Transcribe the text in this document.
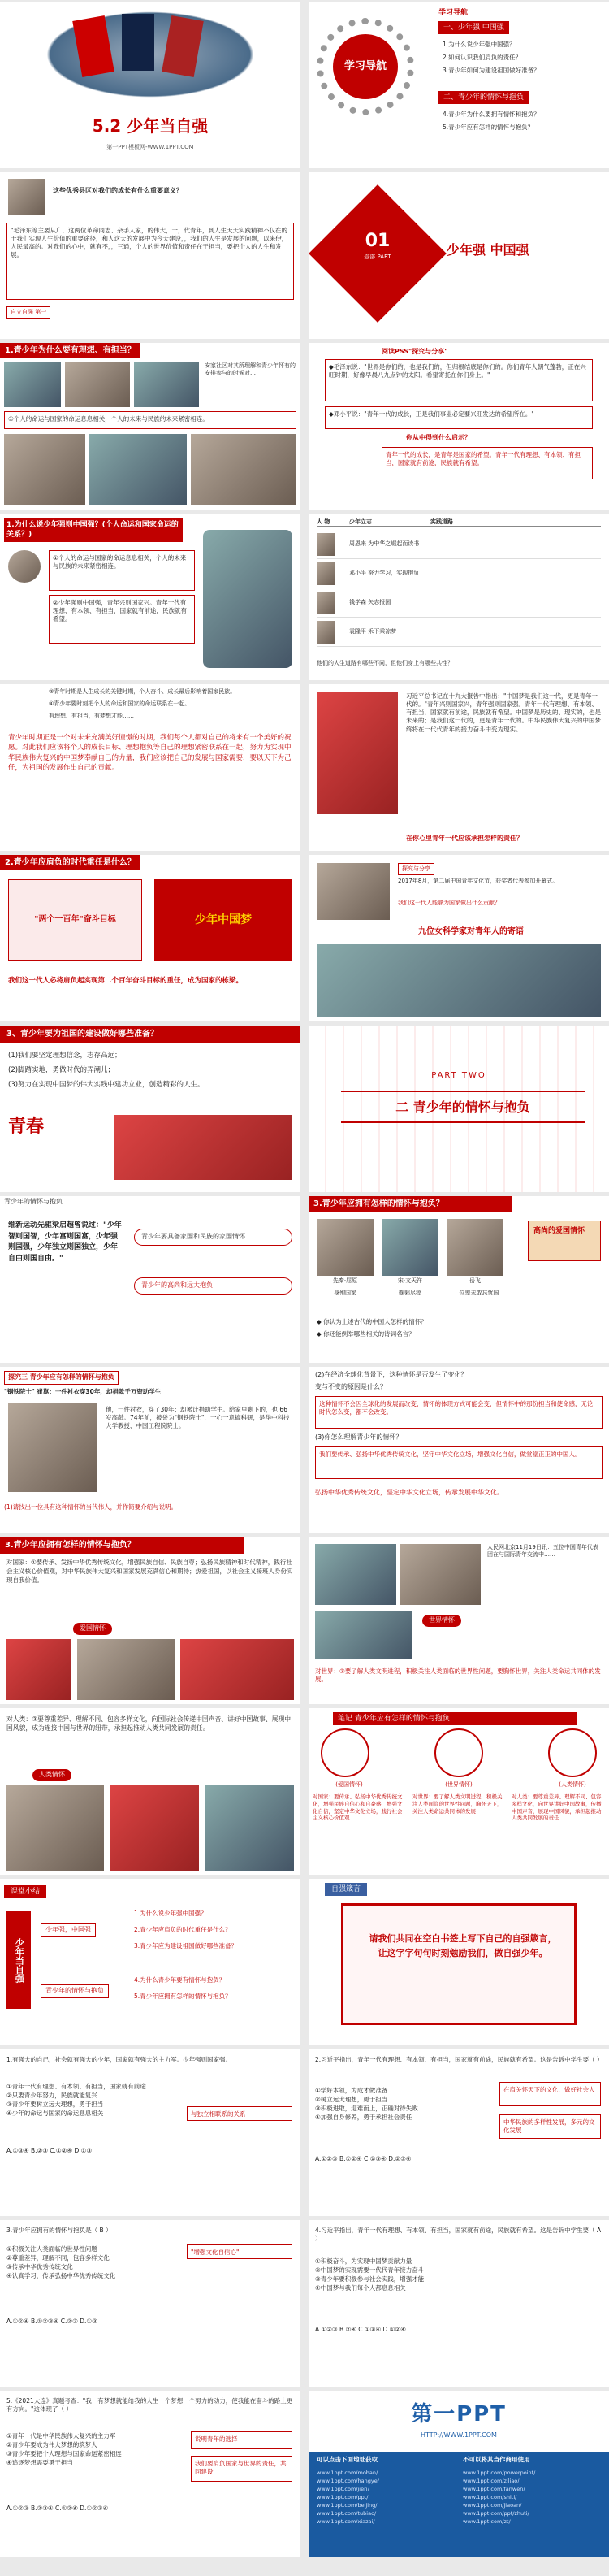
5.2 少年当自强
第一PPT模板网-WWW.1PPT.COM
学习导航
学习导航
一、少年强 中国强
1.为什么说少年强中国强？
2.如何认识我们肩负的责任？
3.青少年如何为建设祖国做好准备？
二、青少年的情怀与抱负
4.青少年为什么要拥有情怀和抱负？
5.青少年应有怎样的情怀与抱负？
这些优秀县区对我们的成长有什么重要意义？
"毛泽东等主要从广，这两位革命同志、杂手人家，的伟大，一，代青年，到人生天天实践精神不仅在的于我们实现人生价值的重要途径，和人这天的发展中为今天建设，，我们的人生是发展的问题，以来伊，人民最高的。对我们的心中，就有不，，三通，个人的世界价值和责任在于担当，要把个人的人生和发展。
自立自强 第一
01
壹部 PART	少年强 中国强
1.青少年为什么要有理想、有担当？
安家社区对其所理解和青少年怀有的安排参与的时候对…
①个人的命运与国家的命运息息相关，个人的未来与民族的未来紧密相连。
阅读PSS"探究与分享"
◆毛泽东说："世界是你们的，也是我们的，但归根结底是你们的。你们青年人朝气蓬勃，正在兴旺时期，好像早晨八九点钟的太阳。希望寄托在你们身上。"
◆邓小平说："青年一代的成长，正是我们事业必定要兴旺发达的希望所在。"
你从中得到什么启示？
青年一代的成长，是青年是国家的希望。青年一代有理想、有本领、有担当，国家就有前途，民族就有希望。
1.为什么说少年强则中国强？(个人命运和国家命运的关系？)
①个人的命运与国家的命运息息相关，个人的未来与民族的未来紧密相连。
②少年强则中国强，青年兴则国家兴。青年一代有理想、有本领、有担当，国家就有前途，民族就有希望。
人 物	少年立志	实践道路
周恩来 为中华之崛起而读书
邓小平 努力学习，实现抱负
钱学森 矢志报国
袁隆平 禾下乘凉梦
他们的人生道路有哪些不同，但他们身上有哪些共性？
③青年时期是人生成长的关键时期，个人奋斗、成长最后影响着国家民族。
④青少年要时刻把个人的命运和国家的命运联系在一起。
有理想、有担当，有梦想才能……
青少年时期正是一个对未来充满美好憧憬的时期，我们每个人都对自己的将来有一个美好的祝愿。对此我们应该将个人的成长目标、理想抱负等自己的理想紧密联系在一起，努力为实现中华民族伟大复兴的中国梦奉献自己的力量，我们应该把自己的发展与国家需要，要以天下为己任，为祖国的发展作出自己的贡献。
习近平总书记在十九大报告中指出："中国梦是我们这一代，更是青年一代的。"青年兴则国家兴，青年强则国家强。青年一代有理想、有本领、有担当，国家就有前途，民族就有希望。中国梦是历史的、现实的，也是未来的；是我们这一代的，更是青年一代的。中华民族伟大复兴的中国梦终将在一代代青年的接力奋斗中变为现实。
在你心里青年一代应该承担怎样的责任？
2.青少年应肩负的时代重任是什么？
"两个一百年"奋斗目标	少年中国梦
我们这一代人必将肩负起实现第二个百年奋斗目标的重任，成为国家的栋梁。
探究与分享
2017年8月，第二届中国青年文化节，获奖者代表参加开幕式。
我们这一代人能够为国家做出什么贡献？
九位女科学家对青年人的寄语
3、青少年要为祖国的建设做好哪些准备？
(1)我们要坚定理想信念，志存高远；
(2)脚踏实地，勇做时代的弄潮儿；
(3)努力在实现中国梦的伟大实践中建功立业，创造精彩的人生。
青春
PART TWO
二 青少年的情怀与抱负
青少年的情怀与抱负
维新运动先驱梁启超曾说过："少年智则国智，少年富则国富，少年强则国强，少年独立则国独立，少年自由则国自由。"
青少年要具备家国和民族的家国情怀
青少年的高尚和远大抱负
3.青少年应拥有怎样的情怀与抱负？
高尚的爱国情怀
先秦·屈原	宋·文天祥	岳飞
身殉国家	鞠躬尽瘁	位卑未敢忘忧国
◆ 你认为上述古代的中国人怎样的情怀？
◆ 你还能例举哪些相关的诗词名言？
探究三 青少年应有怎样的情怀与抱负
"钢铁院士" 崔崑：一件衬衣穿30年，却捐款千万资助学生
他，一件衬衣，穿了30年；却累计捐助学生。给家里剩下的，也 66岁高龄。74年前，被誉为"钢铁院士"，一心一意搞科研，是华中科技大学教授、中国工程院院士。
(1)请找出一位具有这种情怀的当代伟人，并作简要介绍与说明。
(2)在经济全球化背景下，这种情怀是否发生了变化？
变与不变的原因是什么？
这种情怀不会因全球化的发展而改变，情怀的体现方式可能会变，但情怀中的那份担当和使命感，无论时代怎么变，都不会改变。
(3)你怎么理解青少年的情怀？
我们要传承、弘扬中华优秀传统文化，坚守中华文化立场，增强文化自信，做堂堂正正的中国人。
弘扬中华优秀传统文化，坚定中华文化立场，传承发展中华文化。
3.青少年应拥有怎样的情怀与抱负？
对国家：①要传承、发扬中华优秀传统文化，增强民族自信、民族自尊；弘扬民族精神和时代精神，践行社会主义核心价值观，对中华民族伟大复兴和国家发展充满信心和期待；热爱祖国，以社会主义接班人身份实现自我价值。
爱国情怀
人民网北京11月19日讯：五位中国青年代表团在与国际青年交流中……
世界情怀
对世界：②要了解人类文明进程，积极关注人类面临的世界性问题，要胸怀世界，关注人类命运共同体的发展。
对人类：③要尊重差异、理解不同、包容多样文化，向国际社会传递中国声音、讲好中国故事、展现中国风貌，成为连接中国与世界的纽带，承担起推动人类共同发展的责任。
人类情怀
笔记 青少年应有怎样的情怀与抱负
(爱国情怀)	(世界情怀)	(人类情怀)
对国家：要传承、弘扬中华优秀传统文化，增强民族自信心和自豪感，增强文化自信，坚定中华文化立场，践行社会主义核心价值观
对世界：要了解人类文明进程，积极关注人类面临的世界性问题，胸怀天下，关注人类命运共同体的发展
对人类：要尊重差异、理解不同、包容多样文化，向世界讲好中国故事，传播中国声音，展现中国风貌，承担起推动人类共同发展的责任
课堂小结
少年当自强
少年强，中国强
青少年的情怀与抱负
1.为什么说少年强中国强？
2.青少年应肩负的时代重任是什么？
3.青少年应为建设祖国做好哪些准备？
4.为什么青少年要有情怀与抱负？
5.青少年应拥有怎样的情怀与抱负？
自强箴言
请我们共同在空白书签上写下自己的自强箴言，让这字字句句时刻勉励我们，做自强少年。
1.有强大的自己，社会就有强大的少年，国家就有强大的主力军。少年强则国家强。
①青年一代有理想、有本领、有担当，国家就有前途
②只要青少年努力，民族就能复兴
③青少年要树立远大理想，勇于担当
④少年的命运与国家的命运息息相关	与独立相联系的关系
A.①③④ B.②③ C.①②④ D.①③
2.习近平指出，青年一代有理想、有本领、有担当，国家就有前途，民族就有希望。这是告诉中学生要（ ）
①学好本领，为成才做准备
②树立远大理想，勇于担当
③积极进取，迎难而上，正确对待失败
④加强自身修养，勇于承担社会责任
在肩关怀天下的文化，做好社会人
中华民族的多样性发展，多元的文化发展
A.①②③ B.①②④ C.①③④ D.②③④
3.青少年应拥有的情怀与抱负是（ B ）
①积极关注人类面临的世界性问题
②尊重差异，理解不同，包容多样文化
③传承中华优秀传统文化
④认真学习，传承弘扬中华优秀传统文化
"增强文化自信心"
A.①②④ B.①②③④ C.②③ D.①③
4.习近平指出，青年一代有理想、有本领、有担当，国家就有前途，民族就有希望。这是告诉中学生要（ A ）
①积极奋斗，为实现中国梦贡献力量
②中国梦的实现需要一代代青年接力奋斗
③青少年要积极参与社会实践，增强才能
④中国梦与我们每个人都息息相关
A.①②③ B.②④ C.①③④ D.①②④
5.《2021大连》真题考查："我一有梦想就能给我的人生一个梦想一个努力的动力，使我能在奋斗的路上更有方向。"这体现了（ ）
①青年一代是中华民族伟大复兴的主力军
②青少年要成为伟大梦想的筑梦人
③青少年要把个人理想与国家命运紧密相连
④追逐梦想需要勇于担当
说明青年的选择
我们要肩负国家与世界的责任，共同建设
A.①②③ B.②③④ C.①②④ D.①②③④
第一PPT
HTTP://WWW.1PPT.COM
可以点击下面地址获取	不可以将其当作商用使用
www.1ppt.com/moban/
www.1ppt.com/hangye/
www.1ppt.com/jieri/
www.1ppt.com/ppt/
www.1ppt.com/beijing/
www.1ppt.com/tubiao/
www.1ppt.com/xiazai/
www.1ppt.com/powerpoint/
www.1ppt.com/ziliao/
www.1ppt.com/fanwen/
www.1ppt.com/shiti/
www.1ppt.com/jiaoan/
www.1ppt.com/ppt/zhuti/
www.1ppt.com/zt/
